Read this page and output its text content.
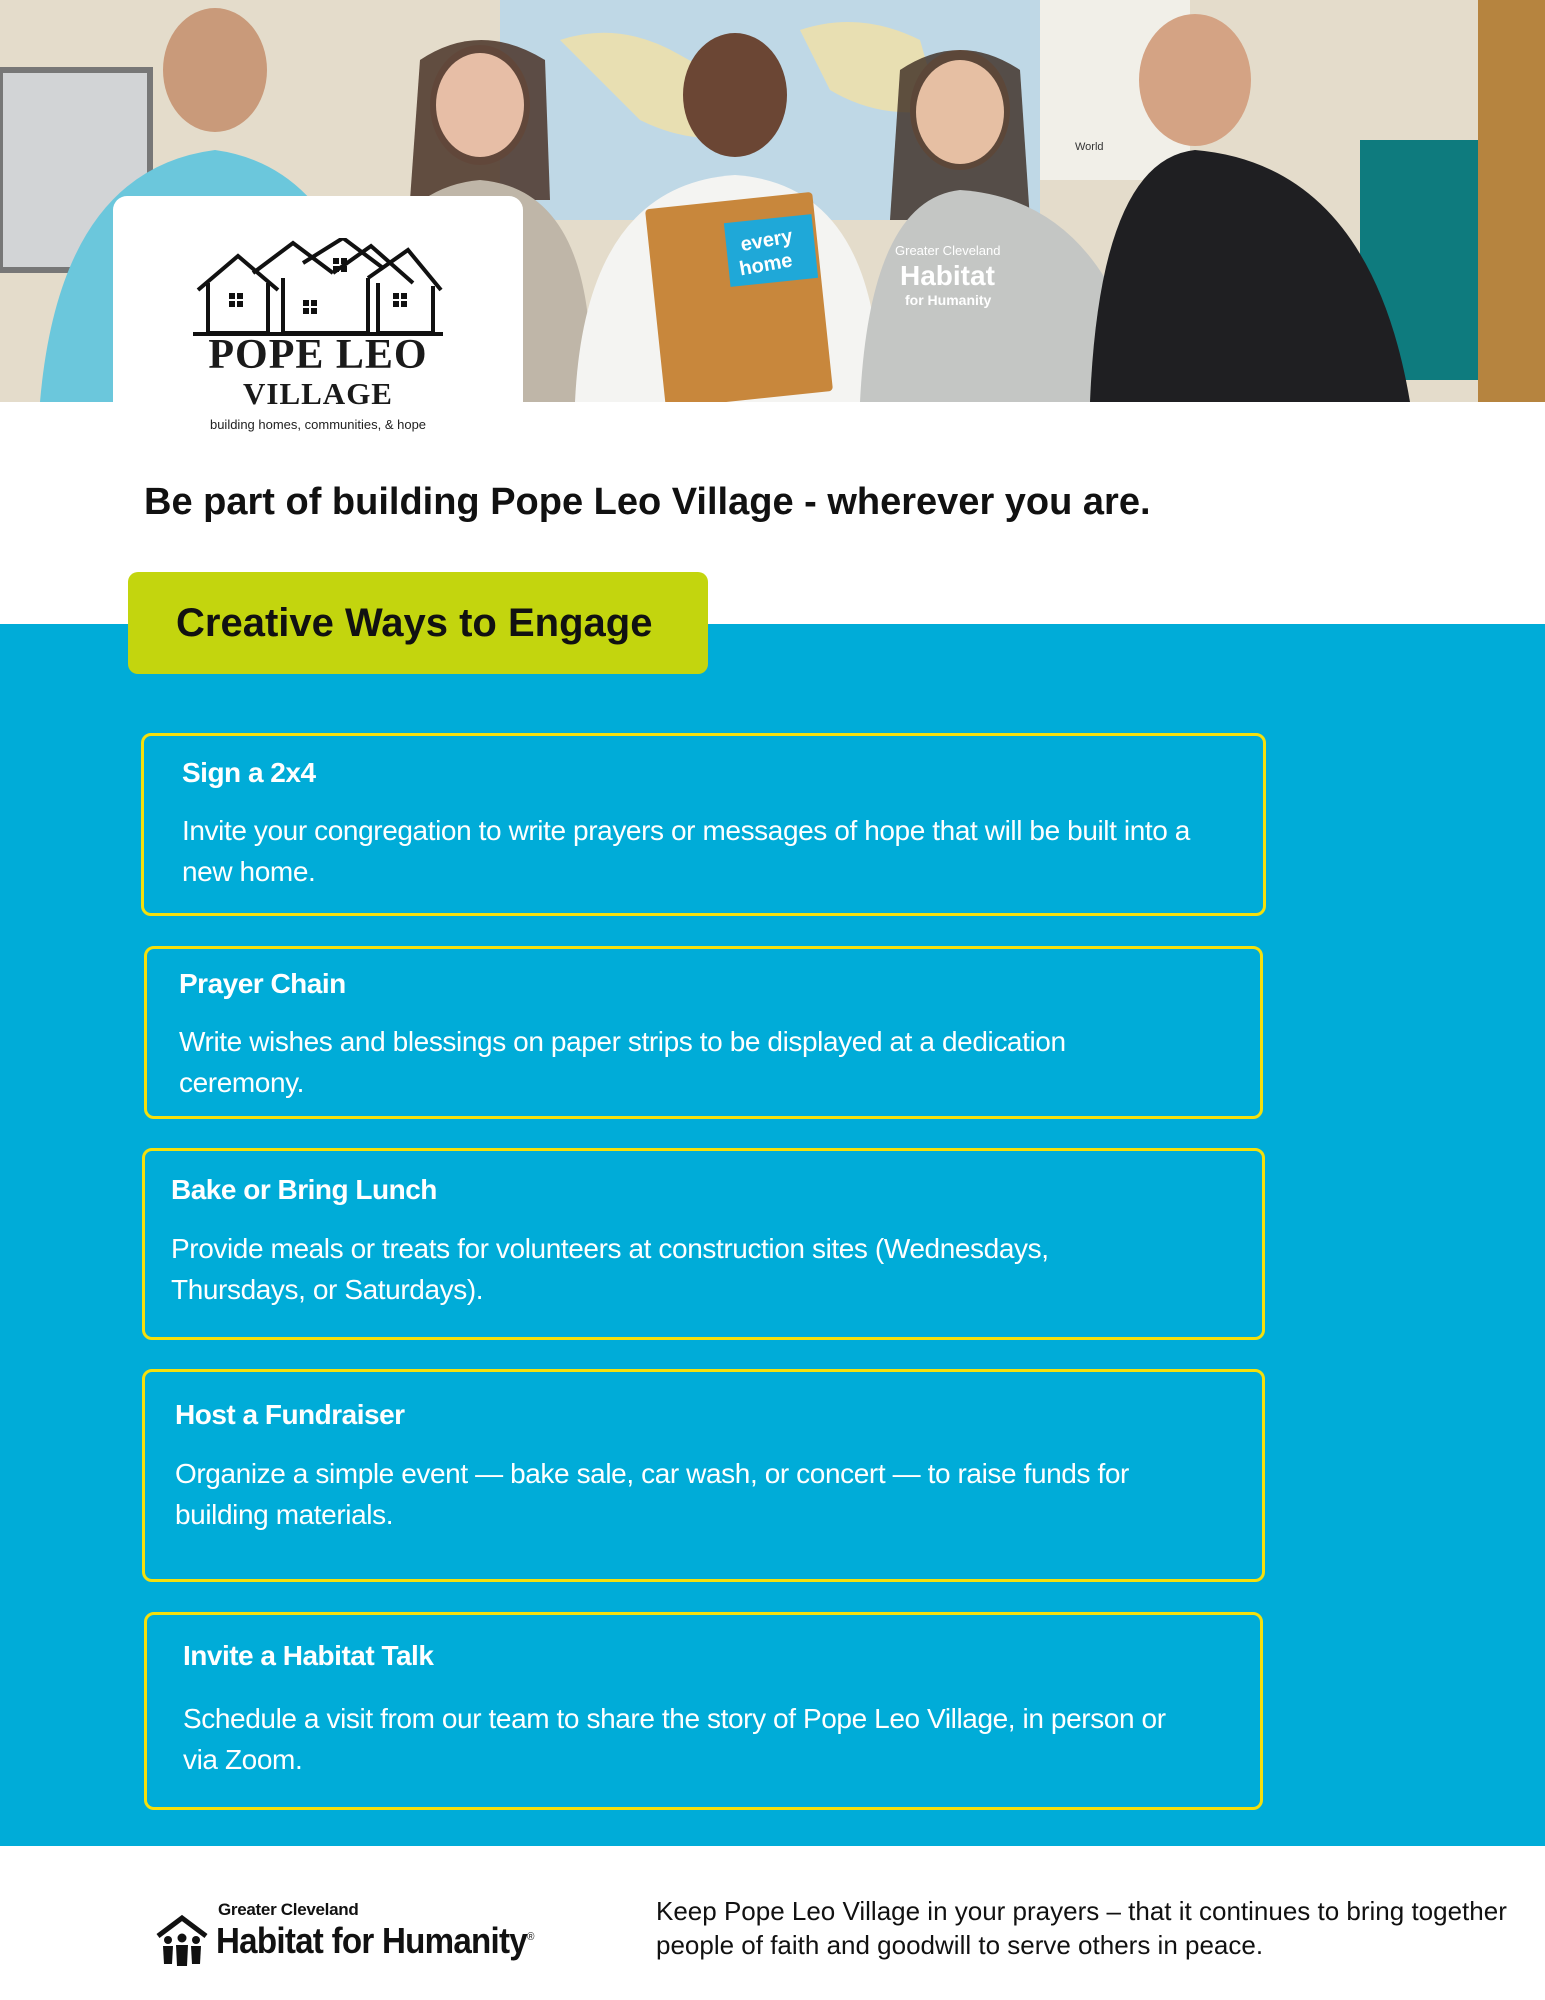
World
every
home	Greater Cleveland
Habitat
for Humanity
POPE LEO
VILLAGE
building homes, communities, & hope
Be part of building Pope Leo Village - wherever you are.
Creative Ways to Engage
Sign a 2x4
Invite your congregation to write prayers or messages of hope that will be built into a new home.
Prayer Chain
Write wishes and blessings on paper strips to be displayed at a dedication ceremony.
Bake or Bring Lunch
Provide meals or treats for volunteers at construction sites (Wednesdays, Thursdays, or Saturdays).
Host a Fundraiser
Organize a simple event — bake sale, car wash, or concert — to raise funds for building materials.
Invite a Habitat Talk
Schedule a visit from our team to share the story of Pope Leo Village, in person or via Zoom.
Greater Cleveland
Habitat for Humanity®
Keep Pope Leo Village in your prayers – that it continues to bring together people of faith and goodwill to serve others in peace.
